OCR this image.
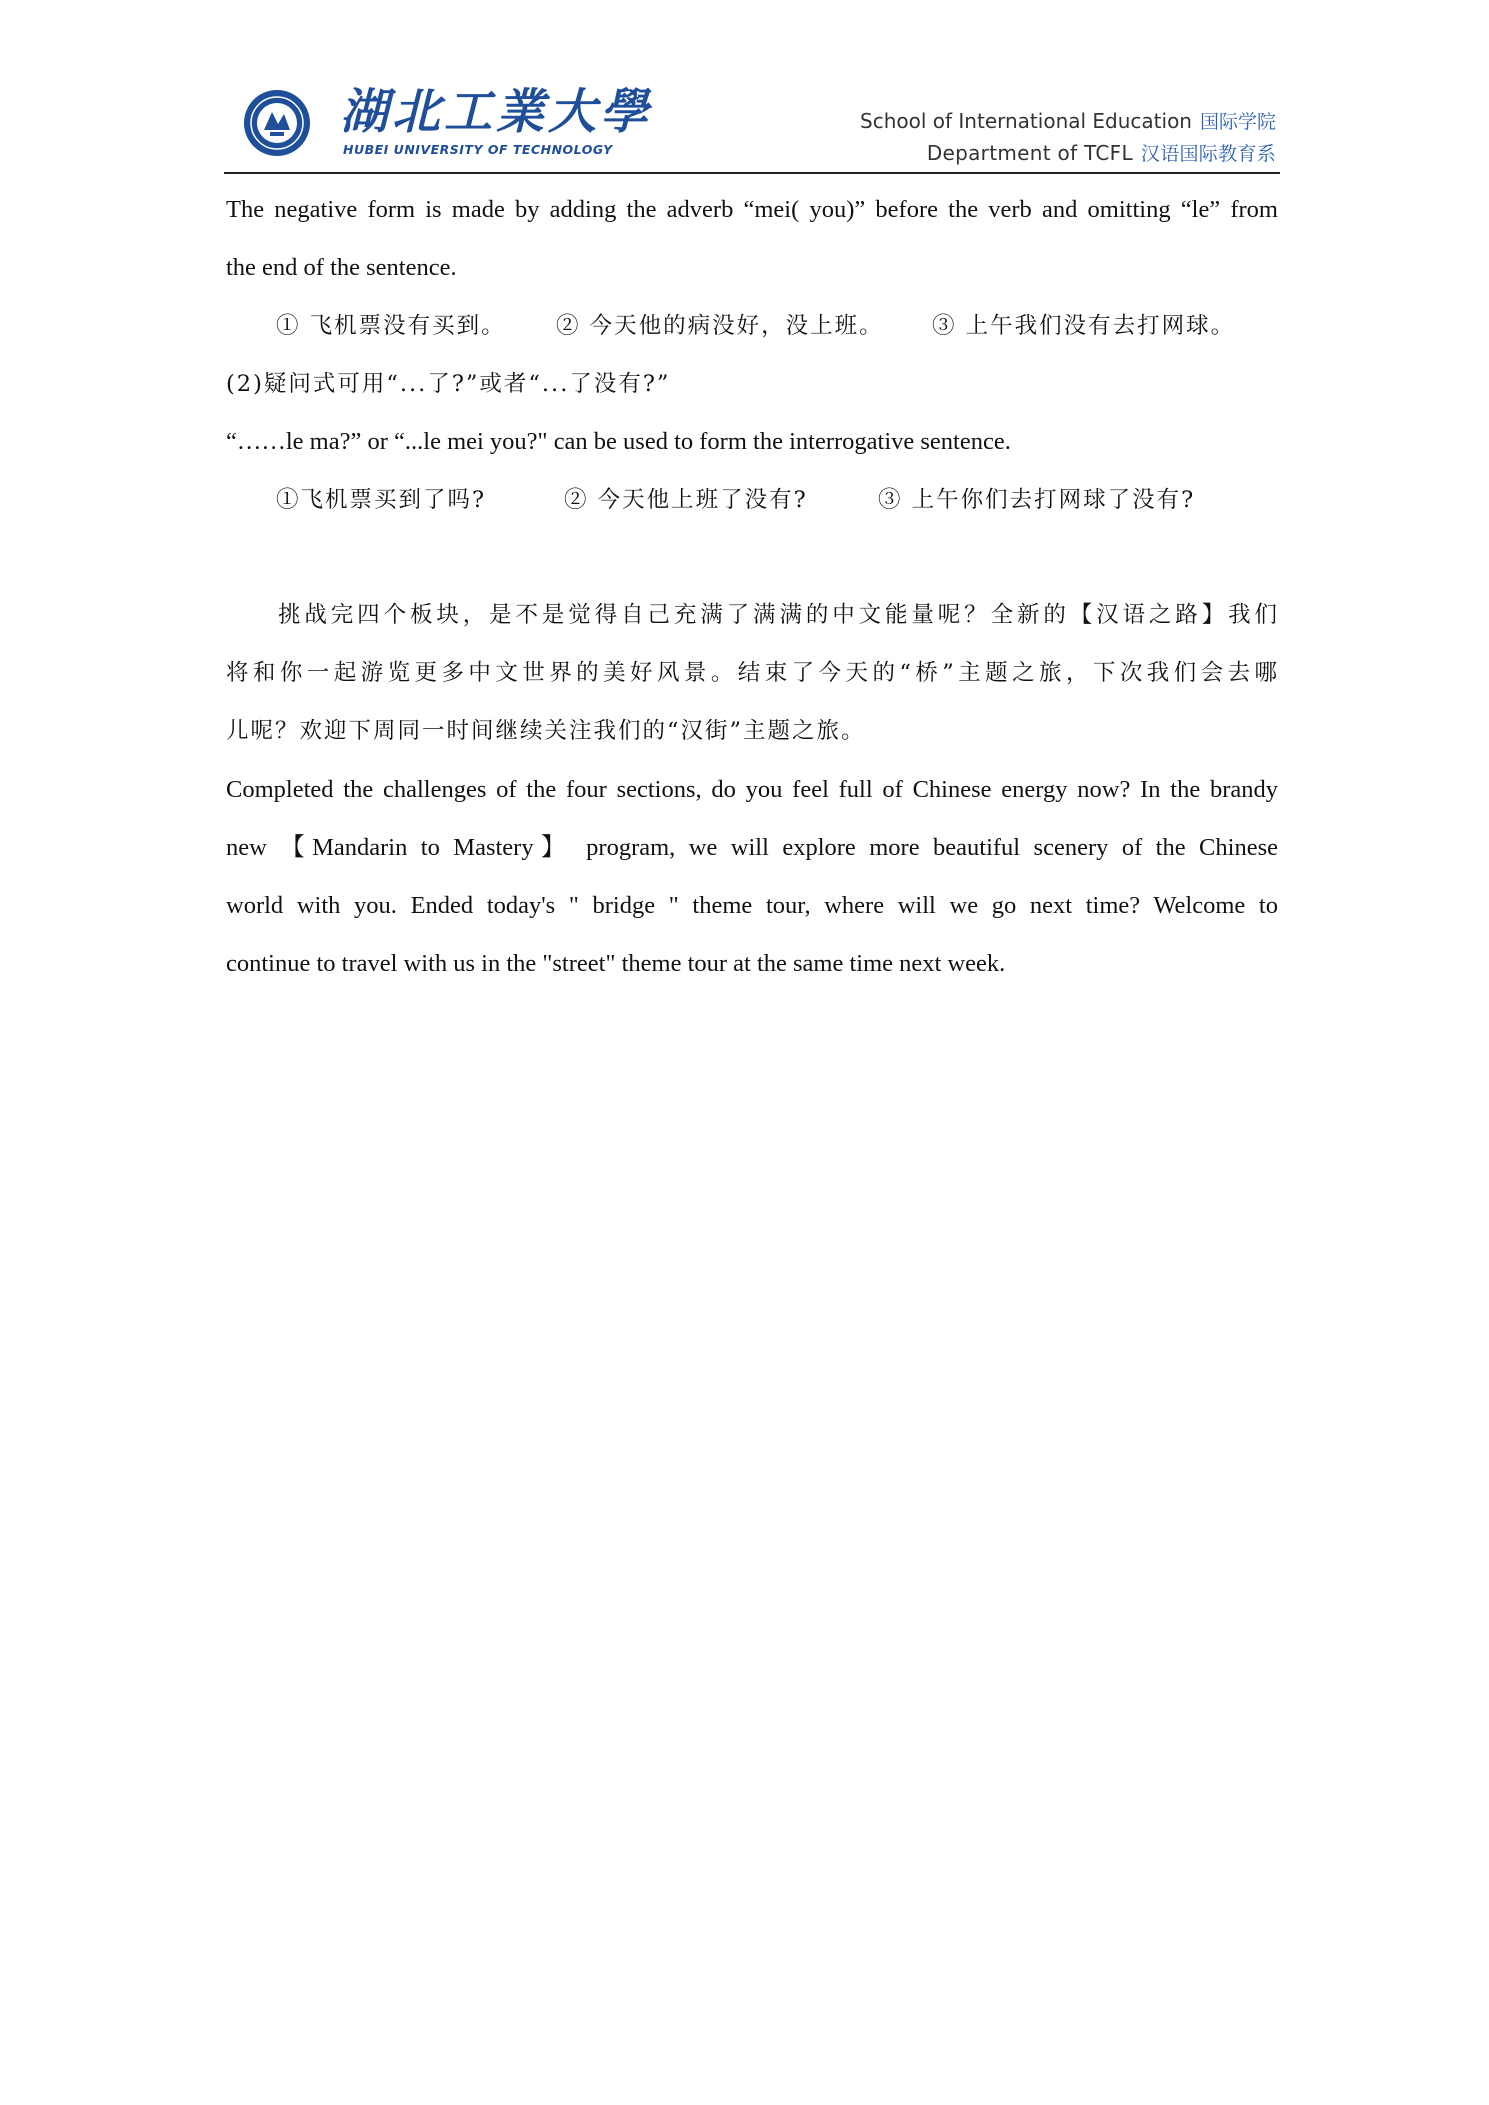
湖北工業大學
HUBEI UNIVERSITY OF TECHNOLOGY
School of International Education 国际学院
Department of TCFL 汉语国际教育系
The negative form is made by adding the adverb “mei( you)” before the verb and omitting “le” from
the end of the sentence.
① 飞机票没有买到。 ② 今天他的病没好，没上班。 ③ 上午我们没有去打网球。
(2)疑问式可用“...了?”或者“...了没有?”
“……le ma?” or “...le mei you?" can be used to form the interrogative sentence.
①飞机票买到了吗?	② 今天他上班了没有?	③ 上午你们去打网球了没有?
挑战完四个板块，是不是觉得自己充满了满满的中文能量呢？全新的【汉语之路】我们
将和你一起游览更多中文世界的美好风景。结束了今天的“桥”主题之旅，下次我们会去哪
儿呢？欢迎下周同一时间继续关注我们的“汉街”主题之旅。
Completed the challenges of the four sections, do you feel full of Chinese energy now? In the brandy
new 【Mandarin to Mastery】 program, we will explore more beautiful scenery of the Chinese
world with you. Ended today's " bridge " theme tour, where will we go next time? Welcome to
continue to travel with us in the "street" theme tour at the same time next week.
